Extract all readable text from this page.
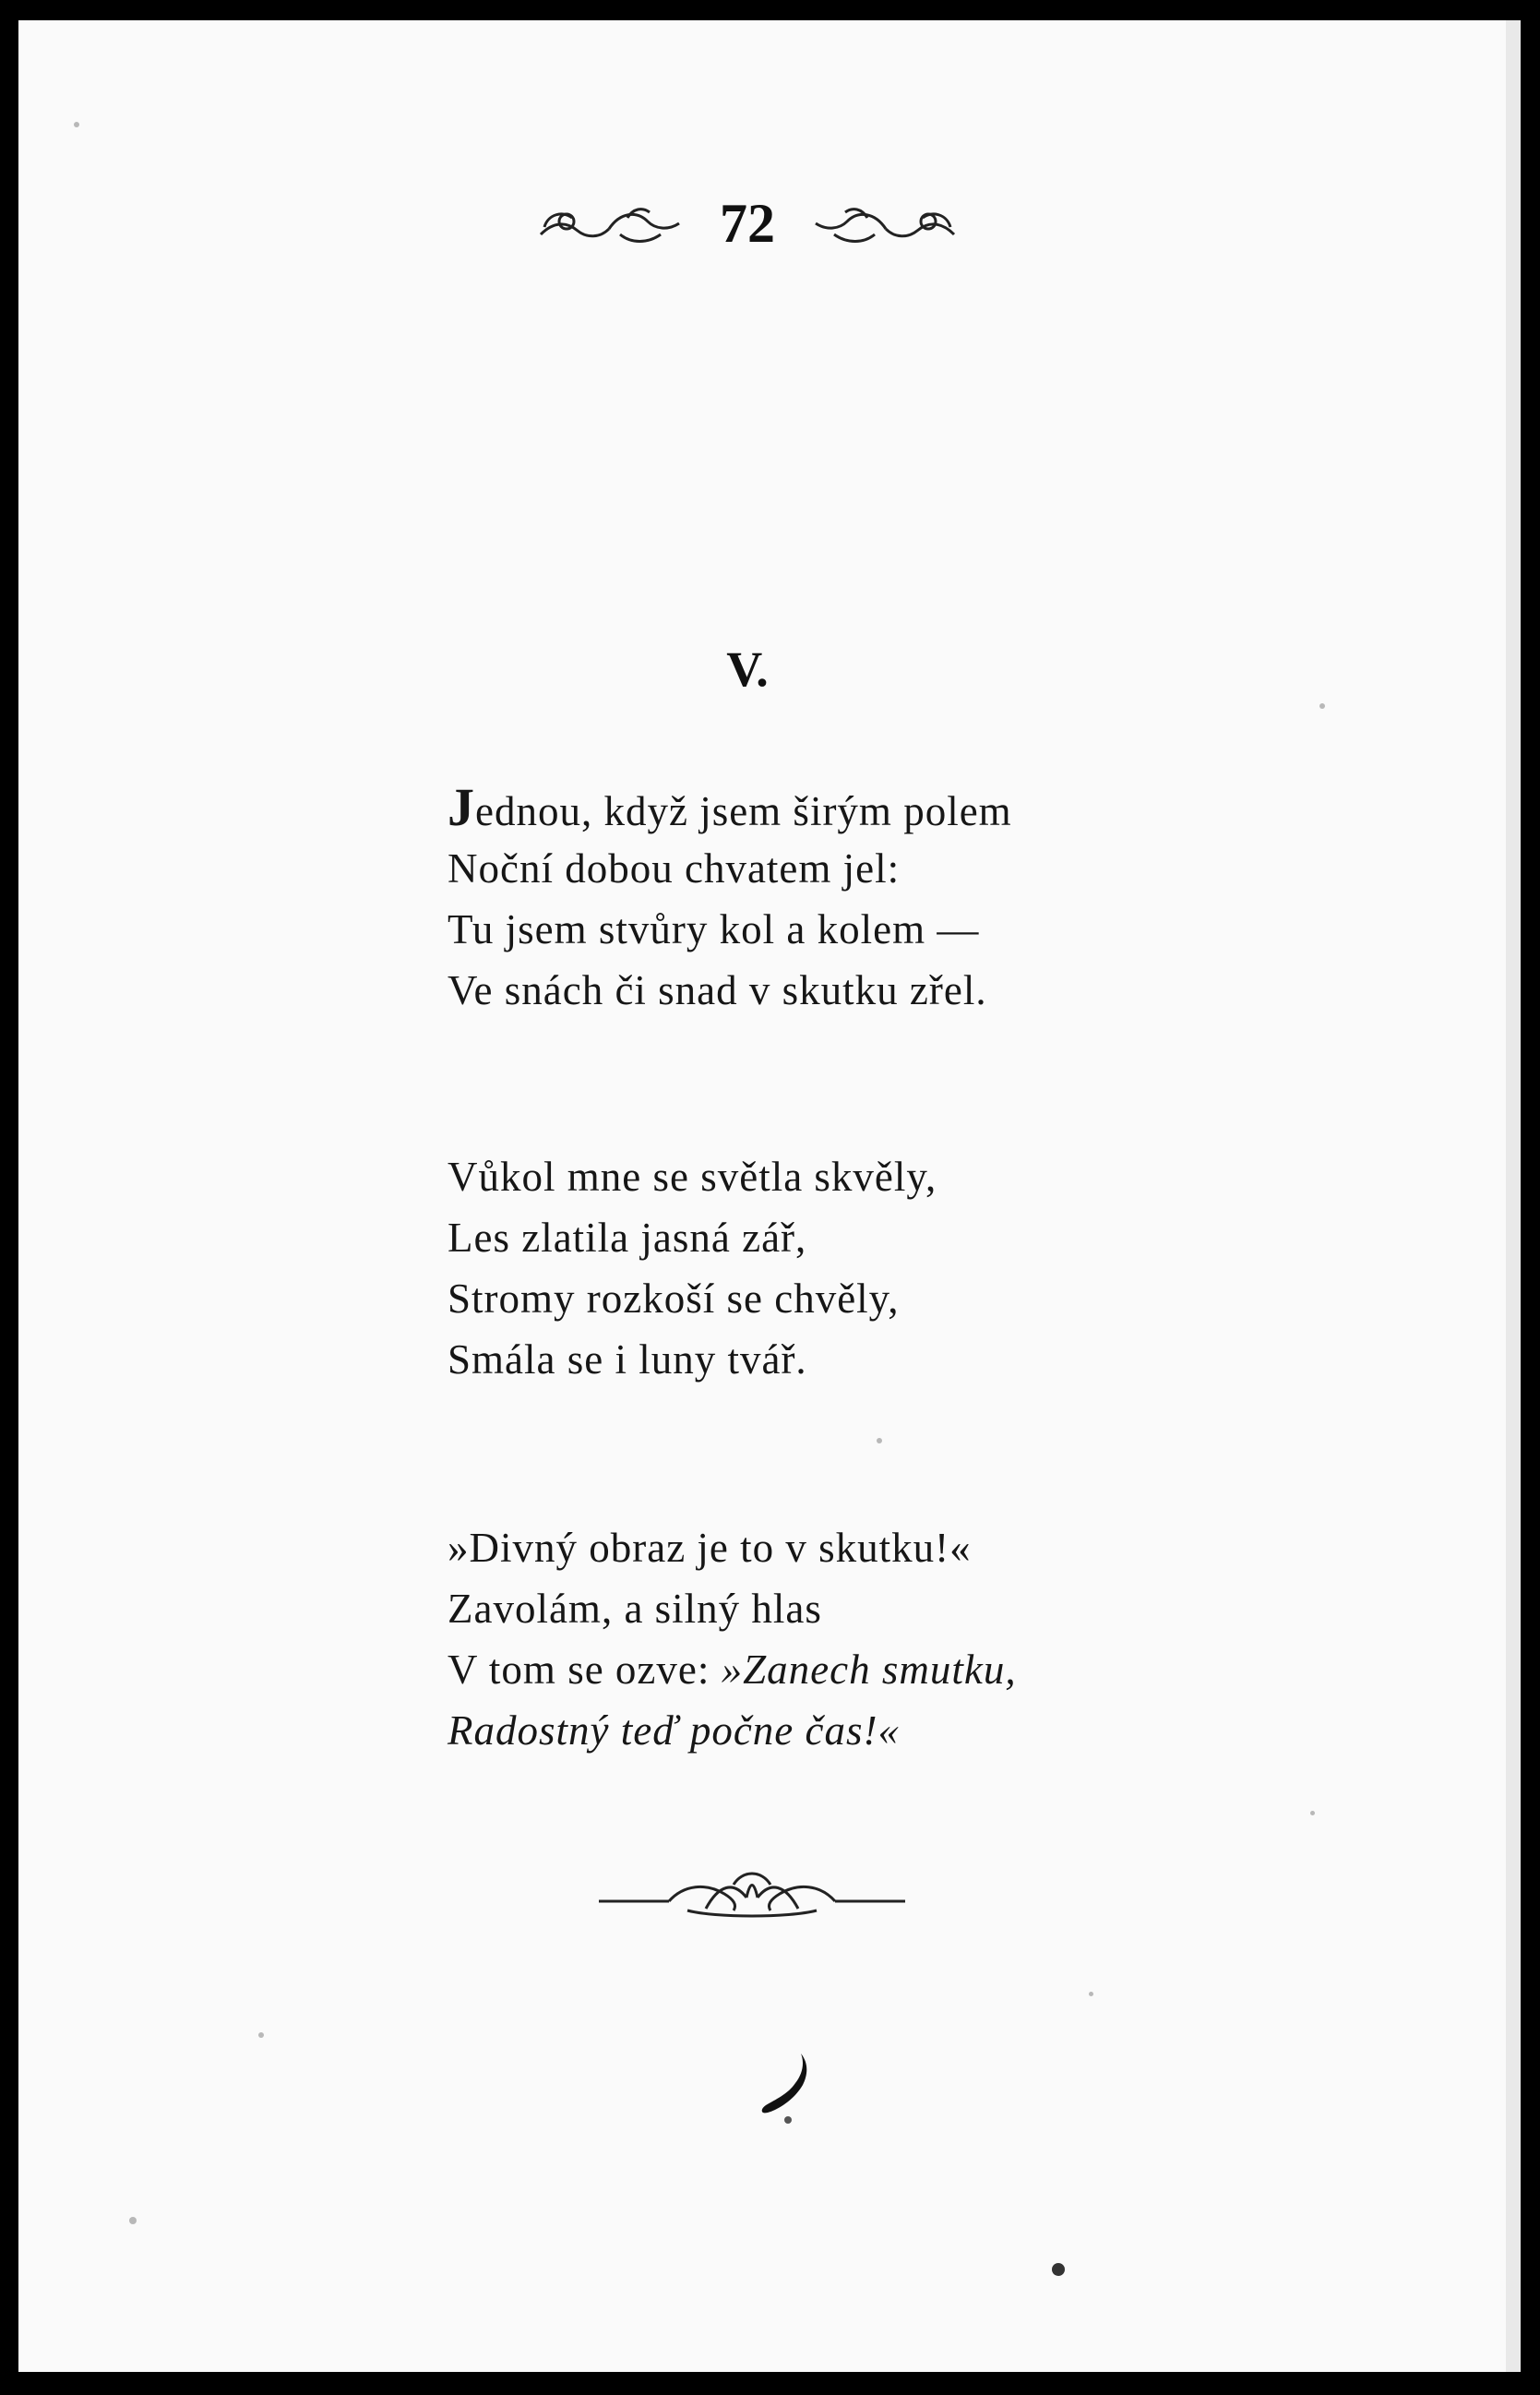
72
V.
Jednou, když jsem širým polem
Noční dobou chvatem jel:
Tu jsem stvůry kol a kolem —
Ve snách či snad v skutku zřel.
Vůkol mne se světla skvěly,
Les zlatila jasná zář,
Stromy rozkoší se chvěly,
Smála se i luny tvář.
»Divný obraz je to v skutku!«
Zavolám, a silný hlas
V tom se ozve: »Zanech smutku,
Radostný teď počne čas!«
